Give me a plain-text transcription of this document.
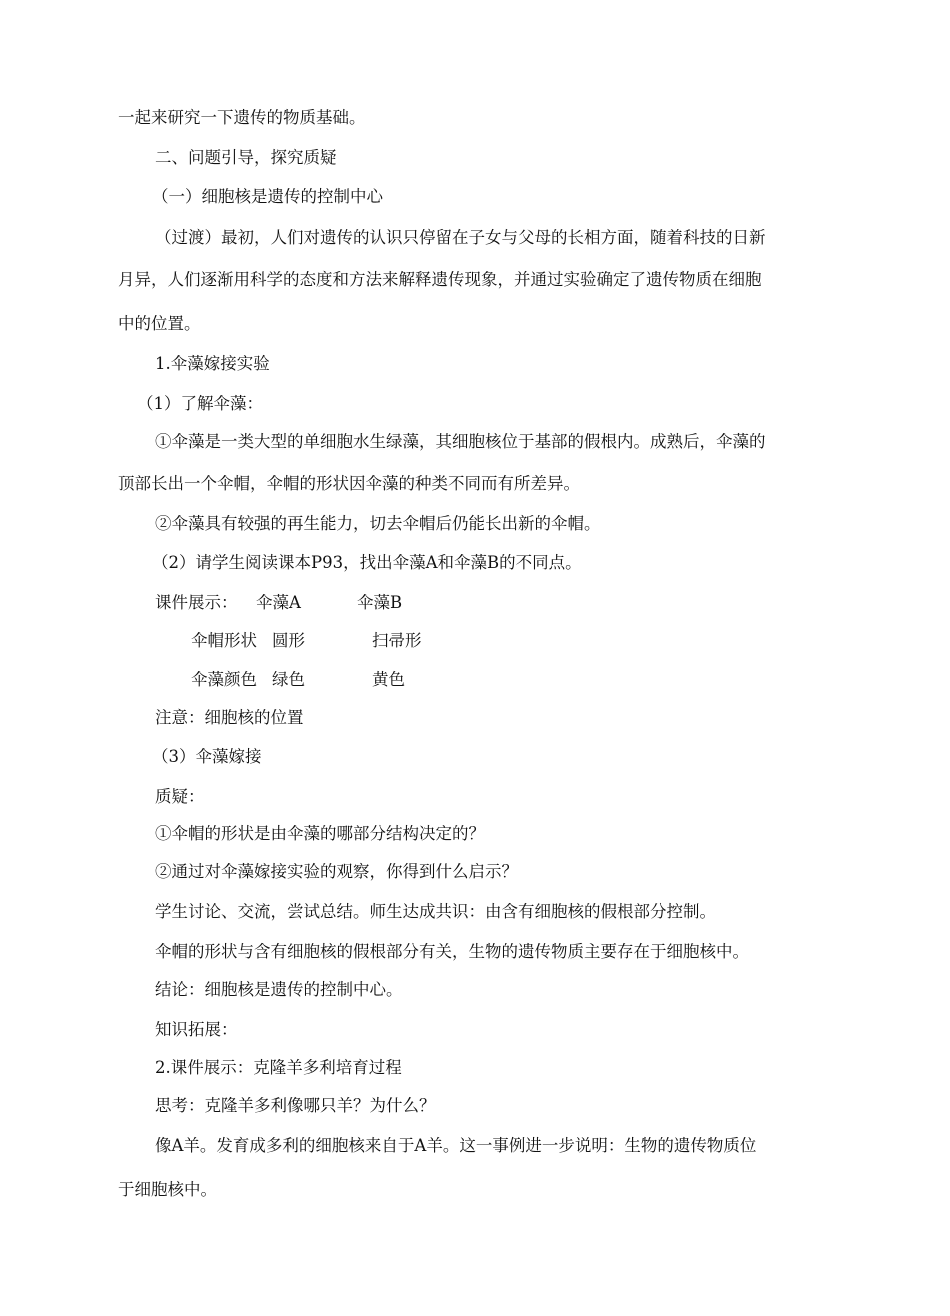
一起来研究一下遗传的物质基础。
二、问题引导，探究质疑
（一）细胞核是遗传的控制中心
（过渡）最初，人们对遗传的认识只停留在子女与父母的长相方面，随着科技的日新
月异，人们逐渐用科学的态度和方法来解释遗传现象，并通过实验确定了遗传物质在细胞
中的位置。
1.伞藻嫁接实验
（1）了解伞藻：
①伞藻是一类大型的单细胞水生绿藻，其细胞核位于基部的假根内。成熟后，伞藻的
顶部长出一个伞帽，伞帽的形状因伞藻的种类不同而有所差异。
②伞藻具有较强的再生能力，切去伞帽后仍能长出新的伞帽。
（2）请学生阅读课本P93，找出伞藻A和伞藻B的不同点。
课件展示： 伞藻A	伞藻B
伞帽形状 圆形	扫帚形
伞藻颜色 绿色	黄色
注意：细胞核的位置
（3）伞藻嫁接
质疑：
①伞帽的形状是由伞藻的哪部分结构决定的？
②通过对伞藻嫁接实验的观察，你得到什么启示？
学生讨论、交流，尝试总结。师生达成共识：由含有细胞核的假根部分控制。
伞帽的形状与含有细胞核的假根部分有关，生物的遗传物质主要存在于细胞核中。
结论：细胞核是遗传的控制中心。
知识拓展：
2.课件展示：克隆羊多利培育过程
思考：克隆羊多利像哪只羊？为什么？
像A羊。发育成多利的细胞核来自于A羊。这一事例进一步说明：生物的遗传物质位
于细胞核中。
